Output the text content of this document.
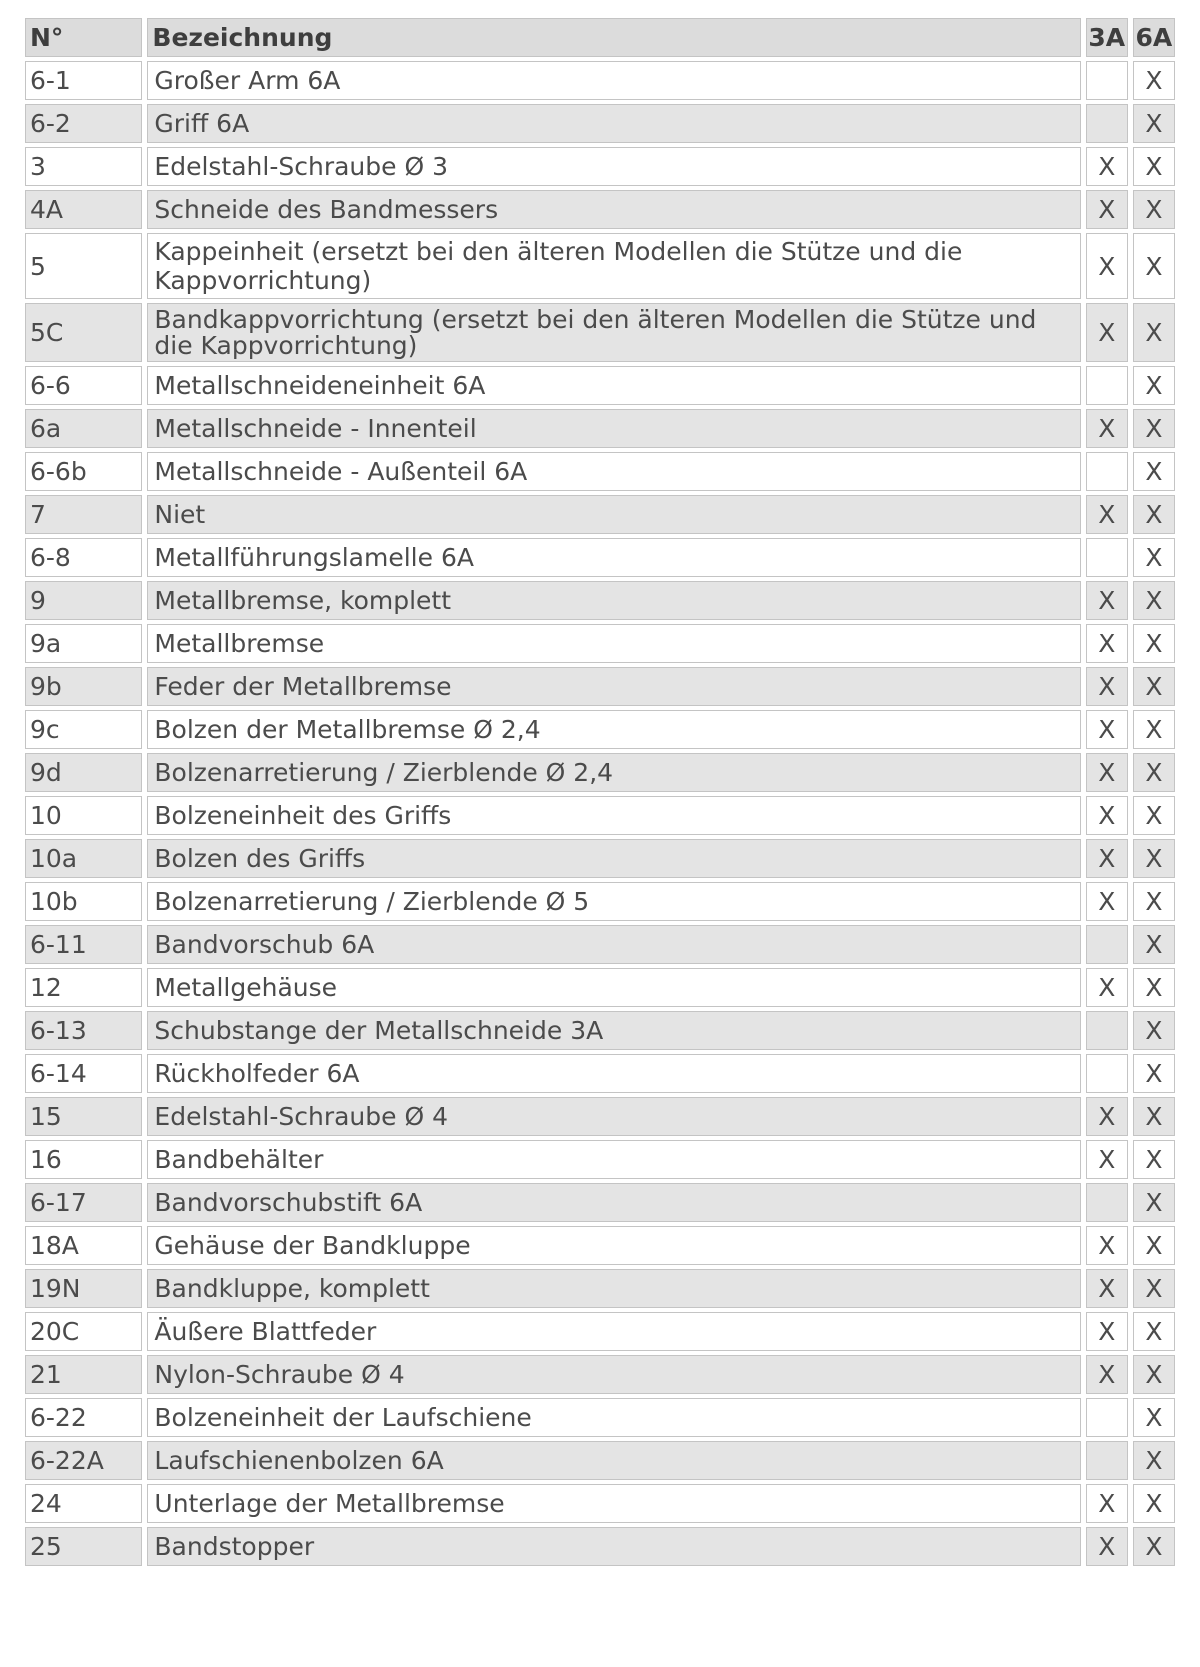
N°	Bezeichnung	3A	6A
6-1	Großer Arm 6A		X
6-2	Griff 6A		X
3	Edelstahl-Schraube Ø 3	X	X
4A	Schneide des Bandmessers	X	X
5	Kappeinheit (ersetzt bei den älteren Modellen die Stütze und die Kappvorrichtung)	X	X
5C	Bandkappvorrichtung (ersetzt bei den älteren Modellen die Stütze und die Kappvorrichtung)	X	X
6-6	Metallschneideneinheit 6A		X
6a	Metallschneide - Innenteil	X	X
6-6b	Metallschneide - Außenteil 6A		X
7	Niet	X	X
6-8	Metallführungslamelle 6A		X
9	Metallbremse, komplett	X	X
9a	Metallbremse	X	X
9b	Feder der Metallbremse	X	X
9c	Bolzen der Metallbremse Ø 2,4	X	X
9d	Bolzenarretierung / Zierblende Ø 2,4	X	X
10	Bolzeneinheit des Griffs	X	X
10a	Bolzen des Griffs	X	X
10b	Bolzenarretierung / Zierblende Ø 5	X	X
6-11	Bandvorschub 6A		X
12	Metallgehäuse	X	X
6-13	Schubstange der Metallschneide 3A		X
6-14	Rückholfeder 6A		X
15	Edelstahl-Schraube Ø 4	X	X
16	Bandbehälter	X	X
6-17	Bandvorschubstift 6A		X
18A	Gehäuse der Bandkluppe	X	X
19N	Bandkluppe, komplett	X	X
20C	Äußere Blattfeder	X	X
21	Nylon-Schraube Ø 4	X	X
6-22	Bolzeneinheit der Laufschiene		X
6-22A	Laufschienenbolzen 6A		X
24	Unterlage der Metallbremse	X	X
25	Bandstopper	X	X
